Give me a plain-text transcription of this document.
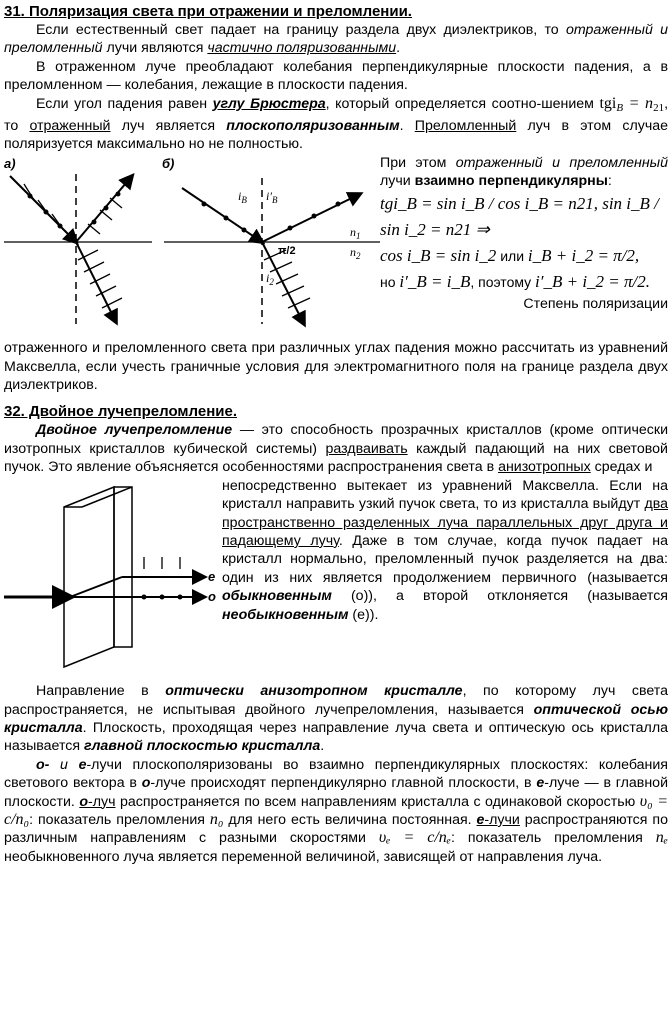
31. Поляризация света при отражении и преломлении.

Если естественный свет падает на границу раздела двух диэлектриков, то отраженный и преломленный лучи являются частично поляризованными.

В отраженном луче преобладают колебания перпендикулярные плоскости падения, а в преломленном — колебания, лежащие в плоскости падения.

Если угол падения равен углу Брюстера, который определяется соотно-шением $tgi_B = n_{21}$, то отраженный луч является плоскополяризованным. Преломленный луч в этом случае поляризуется максимально но не полностью.

а)	б)
$i_B$ $i'_B$
π/2
$i_2$
$n_1$
$n_2$

При этом отраженный и преломленный лучи взаимно перпендикулярны:

tgi_B = sin i_B / cos i_B = n21, sin i_B / sin i_2 = n21 ⇒
cos i_B = sin i_2 или i_B + i_2 = π/2,
но i′_B = i_B, поэтому i′_B + i_2 = π/2.

Степень поляризации

отраженного и преломленного света при различных углах падения можно рассчитать из уравнений Максвелла, если учесть граничные условия для электромагнитного поля на границе раздела двух диэлектриков.

32. Двойное лучепреломление.

Двойное лучепреломление — это способность прозрачных кристаллов (кроме оптически изотропных кристаллов кубической системы) раздваивать каждый падающий на них световой пучок. Это явление объясняется особенностями распространения света в анизотропных средах и

e
o

непосредственно вытекает из уравнений Максвелла. Если на кристалл направить узкий пучок света, то из кристалла выйдут два пространственно разделенных луча параллельных друг друга и падающему лучу. Даже в том случае, когда пучок падает на кристалл нормально, преломленный пучок разделяется на два: один из них является продолжением первичного (называется обыкновенным (о)), а второй отклоняется (называется необыкновенным (е)).

Направление в оптически анизотропном кристалле, по которому луч света распространяется, не испытывая двойного лучепреломления, называется оптической осью кристалла. Плоскость, проходящая через направление луча света и оптическую ось кристалла называется главной плоскостью кристалла.

о- и е-лучи плоскополяризованы во взаимно перпендикулярных плоскостях: колебания светового вектора в о-луче происходят перпендикулярно главной плоскости, в е-луче — в главной плоскости. о-луч распространяется по всем направлениям кристалла с одинаковой скоростью υ₀ = c/n₀: показатель преломления n₀ для него есть величина постоянная. е-лучи распространяются по различным направлениям с разными скоростями υₑ = c/nₑ: показатель преломления nₑ необыкновенного луча является переменной величиной, зависящей от направления луча.
